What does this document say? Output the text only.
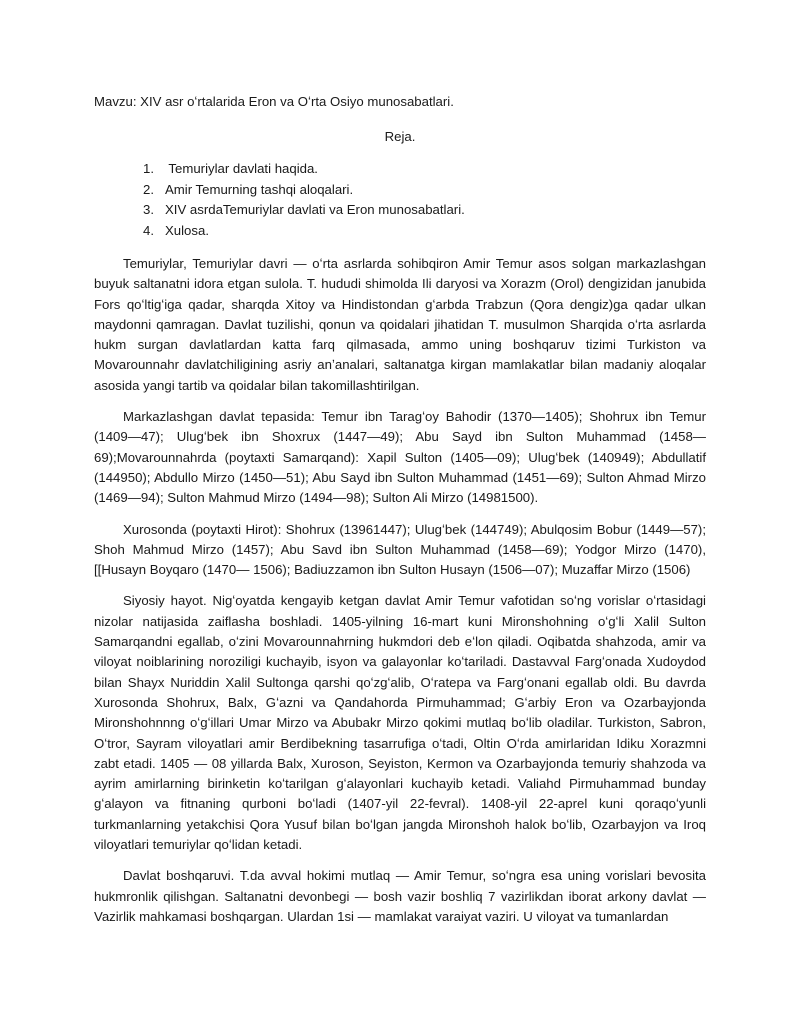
Mavzu: XIV asr oʻrtalarida Eron va Oʻrta Osiyo munosabatlari.
Reja.
1. Temuriylar davlati haqida.
2. Amir Temurning tashqi aloqalari.
3. XIV asrdaTemuriylar davlati va Eron munosabatlari.
4. Xulosa.

Temuriylar, Temuriylar davri — oʻrta asrlarda sohibqiron Amir Temur asos solgan markazlashgan buyuk saltanatni idora etgan sulola. T. hududi shimolda Ili daryosi va Xorazm (Orol) dengizidan janubida Fors qoʻltigʻiga qadar, sharqda Xitoy va Hindistondan gʻarbda Trabzun (Qora dengiz)ga qadar ulkan maydonni qamragan. Davlat tuzilishi, qonun va qoidalari jihatidan T. musulmon Sharqida oʻrta asrlarda hukm surgan davlatlardan katta farq qilmasada, ammo uning boshqaruv tizimi Turkiston va Movarounnahr davlatchiligining asriy anʼanalari, saltanatga kirgan mamlakatlar bilan madaniy aloqalar asosida yangi tartib va qoidalar bilan takomillashtirilgan.

Markazlashgan davlat tepasida: Temur ibn Taragʻoy Bahodir (1370—1405); Shohrux ibn Temur (1409—47); Ulugʻbek ibn Shoxrux (1447—49); Abu Sayd ibn Sulton Muhammad (1458—69);Movarounnahrda (poytaxti Samarqand): Xapil Sulton (1405—09); Ulugʻbek (140949); Abdullatif (144950); Abdullo Mirzo (1450—51); Abu Sayd ibn Sulton Muhammad (1451—69); Sulton Ahmad Mirzo (1469—94); Sulton Mahmud Mirzo (1494—98); Sulton Ali Mirzo (14981500).

Xurosonda (poytaxti Hirot): Shohrux (13961447); Ulugʻbek (144749); Abulqosim Bobur (1449—57); Shoh Mahmud Mirzo (1457); Abu Savd ibn Sulton Muhammad (1458—69); Yodgor Mirzo (1470), [[Husayn Boyqaro (1470— 1506); Badiuzzamon ibn Sulton Husayn (1506—07); Muzaffar Mirzo (1506)

Siyosiy hayot. Nigʻoyatda kengayib ketgan davlat Amir Temur vafotidan soʻng vorislar oʻrtasidagi nizolar natijasida zaiflasha boshladi. 1405-yilning 16-mart kuni Mironshohning oʻgʻli Xalil Sulton Samarqandni egallab, oʻzini Movarounnahrning hukmdori deb eʻlon qiladi. Oqibatda shahzoda, amir va viloyat noiblarining noroziligi kuchayib, isyon va galayonlar koʻtariladi. Dastavval Fargʻonada Xudoydod bilan Shayx Nuriddin Xalil Sultonga qarshi qoʻzgʻalib, Oʻratepa va Fargʻonani egallab oldi. Bu davrda Xurosonda Shohrux, Balx, Gʻazni va Qandahorda Pirmuhammad; Gʻarbiy Eron va Ozarbayjonda Mironshohnnng oʻgʻillari Umar Mirzo va Abubakr Mirzo qokimi mutlaq boʻlib oladilar. Turkiston, Sabron, Oʻtror, Sayram viloyatlari amir Berdibekning tasarrufiga oʻtadi, Oltin Oʻrda amirlaridan Idiku Xorazmni zabt etadi. 1405 — 08 yillarda Balx, Xuroson, Seyiston, Kermon va Ozarbayjonda temuriy shahzoda va ayrim amirlarning birinketin koʻtarilgan gʻalayonlari kuchayib ketadi. Valiahd Pirmuhammad bunday gʻalayon va fitnaning qurboni boʻladi (1407-yil 22-fevral). 1408-yil 22-aprel kuni qoraqoʻyunli turkmanlarning yetakchisi Qora Yusuf bilan boʻlgan jangda Mironshoh halok boʻlib, Ozarbayjon va Iroq viloyatlari temuriylar qoʻlidan ketadi.

Davlat boshqaruvi. T.da avval hokimi mutlaq — Amir Temur, soʻngra esa uning vorislari bevosita hukmronlik qilishgan. Saltanatni devonbegi — bosh vazir boshliq 7 vazirlikdan iborat arkony davlat — Vazirlik mahkamasi boshqargan. Ulardan 1si — mamlakat varaiyat vaziri. U viloyat va tumanlardan
